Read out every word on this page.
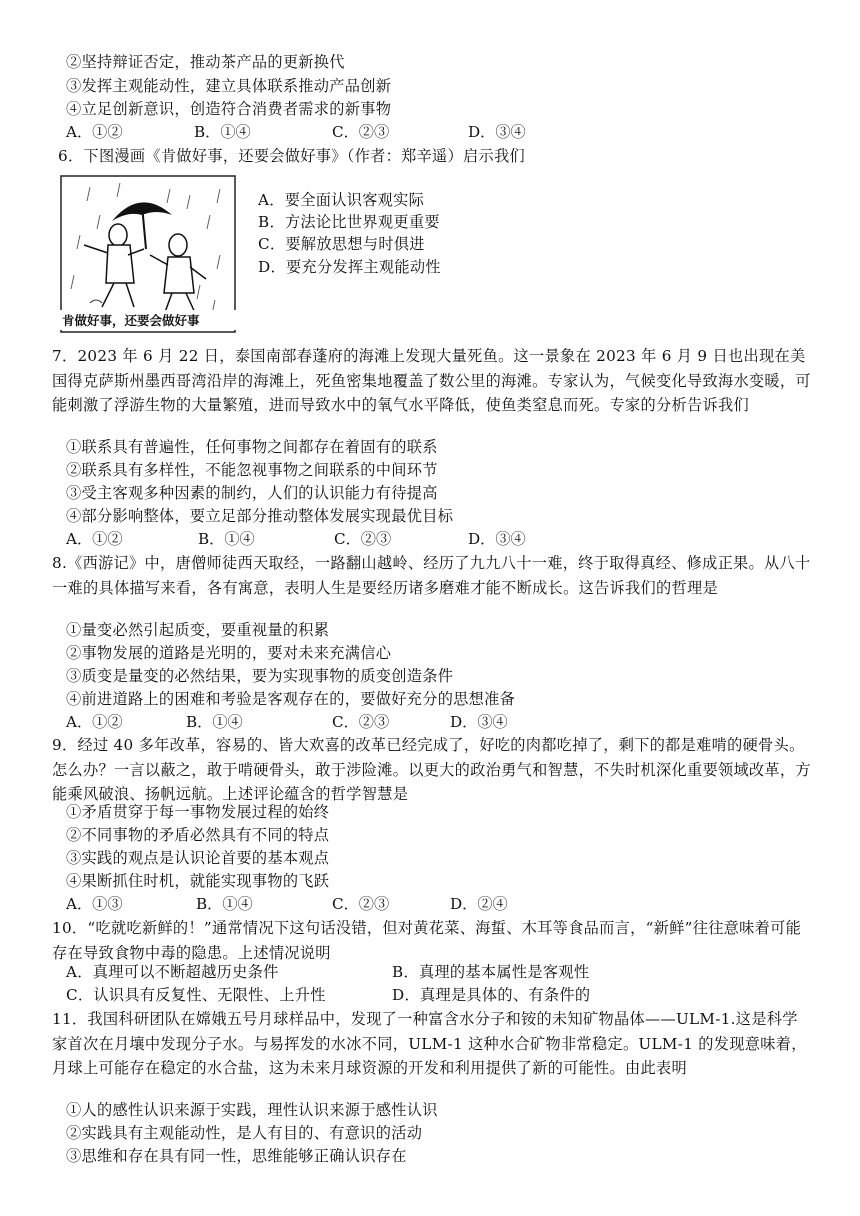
②坚持辩证否定，推动茶产品的更新换代
③发挥主观能动性，建立具体联系推动产品创新
④立足创新意识，创造符合消费者需求的新事物
A．①②	B．①④	C．②③	D．③④
6．下图漫画《肯做好事，还要会做好事》（作者：郑辛遥）启示我们
肯做好事，还要会做好事
A．要全面认识客观实际
B．方法论比世界观更重要
C．要解放思想与时俱进
D．要充分发挥主观能动性
7．2023 年 6 月 22 日，泰国南部春蓬府的海滩上发现大量死鱼。这一景象在 2023 年 6 月 9 日也出现在美国得克萨斯州墨西哥湾沿岸的海滩上，死鱼密集地覆盖了数公里的海滩。专家认为，气候变化导致海水变暖，可能刺激了浮游生物的大量繁殖，进而导致水中的氧气水平降低，使鱼类窒息而死。专家的分析告诉我们
①联系具有普遍性，任何事物之间都存在着固有的联系
②联系具有多样性，不能忽视事物之间联系的中间环节
③受主客观多种因素的制约，人们的认识能力有待提高
④部分影响整体，要立足部分推动整体发展实现最优目标
A．①②	B．①④	C．②③	D．③④
8.《西游记》中，唐僧师徒西天取经，一路翻山越岭、经历了九九八十一难，终于取得真经、修成正果。从八十一难的具体描写来看，各有寓意，表明人生是要经历诸多磨难才能不断成长。这告诉我们的哲理是
①量变必然引起质变，要重视量的积累
②事物发展的道路是光明的，要对未来充满信心
③质变是量变的必然结果，要为实现事物的质变创造条件
④前进道路上的困难和考验是客观存在的，要做好充分的思想准备
A．①②	B．①④	C．②③	D．③④
9．经过 40 多年改革，容易的、皆大欢喜的改革已经完成了，好吃的肉都吃掉了，剩下的都是难啃的硬骨头。怎么办？一言以蔽之，敢于啃硬骨头，敢于涉险滩。以更大的政治勇气和智慧，不失时机深化重要领域改革，方能乘风破浪、扬帆远航。上述评论蕴含的哲学智慧是
①矛盾贯穿于每一事物发展过程的始终
②不同事物的矛盾必然具有不同的特点
③实践的观点是认识论首要的基本观点
④果断抓住时机，就能实现事物的飞跃
A．①③	B．①④	C．②③	D．②④
10．“吃就吃新鲜的！”通常情况下这句话没错，但对黄花菜、海蜇、木耳等食品而言，“新鲜”往往意味着可能存在导致食物中毒的隐患。上述情况说明
A．真理可以不断超越历史条件	B．真理的基本属性是客观性
C．认识具有反复性、无限性、上升性	D．真理是具体的、有条件的
11．我国科研团队在嫦娥五号月球样品中，发现了一种富含水分子和铵的未知矿物晶体——ULM-1.这是科学家首次在月壤中发现分子水。与易挥发的水冰不同，ULM-1 这种水合矿物非常稳定。ULM-1 的发现意味着，月球上可能存在稳定的水合盐，这为未来月球资源的开发和利用提供了新的可能性。由此表明
①人的感性认识来源于实践，理性认识来源于感性认识
②实践具有主观能动性，是人有目的、有意识的活动
③思维和存在具有同一性，思维能够正确认识存在
